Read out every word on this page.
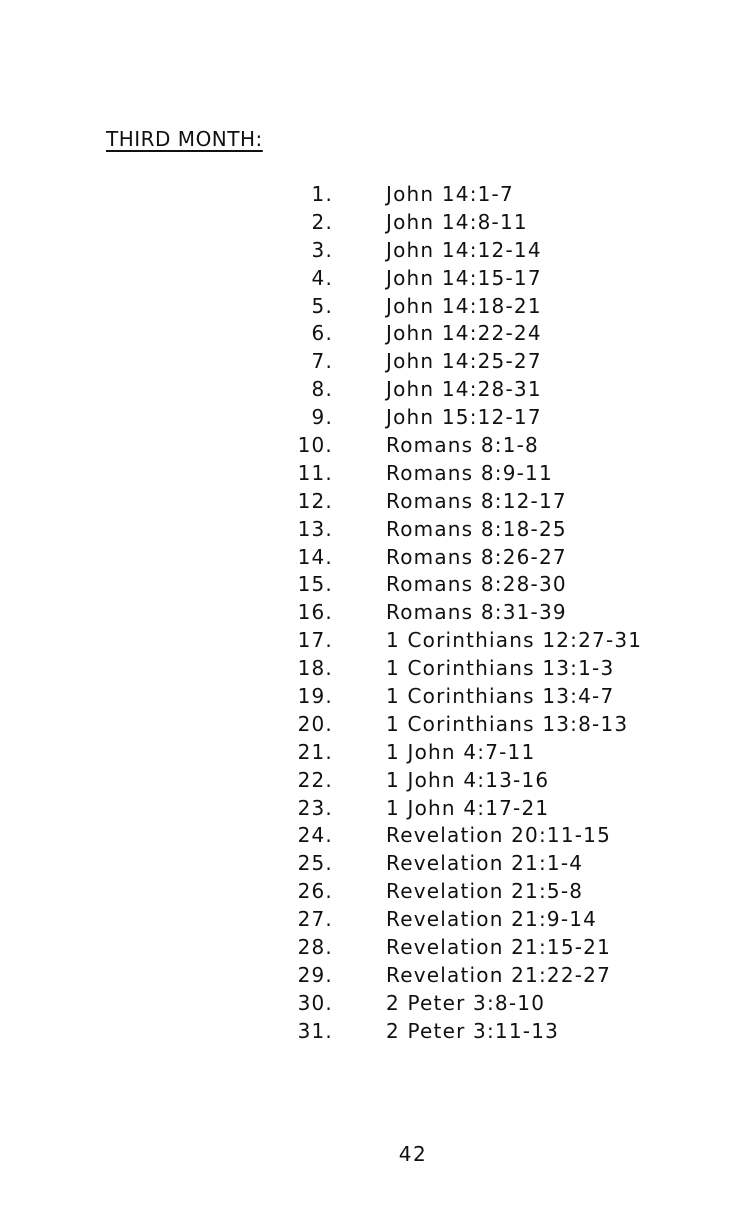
THIRD MONTH:
1.	John 14:1-7
2.	John 14:8-11
3.	John 14:12-14
4.	John 14:15-17
5.	John 14:18-21
6.	John 14:22-24
7.	John 14:25-27
8.	John 14:28-31
9.	John 15:12-17
10.	Romans 8:1-8
11.	Romans 8:9-11
12.	Romans 8:12-17
13.	Romans 8:18-25
14.	Romans 8:26-27
15.	Romans 8:28-30
16.	Romans 8:31-39
17.	1 Corinthians 12:27-31
18.	1 Corinthians 13:1-3
19.	1 Corinthians 13:4-7
20.	1 Corinthians 13:8-13
21.	1 John 4:7-11
22.	1 John 4:13-16
23.	1 John 4:17-21
24.	Revelation 20:11-15
25.	Revelation 21:1-4
26.	Revelation 21:5-8
27.	Revelation 21:9-14
28.	Revelation 21:15-21
29.	Revelation 21:22-27
30.	2 Peter 3:8-10
31.	2 Peter 3:11-13
42
